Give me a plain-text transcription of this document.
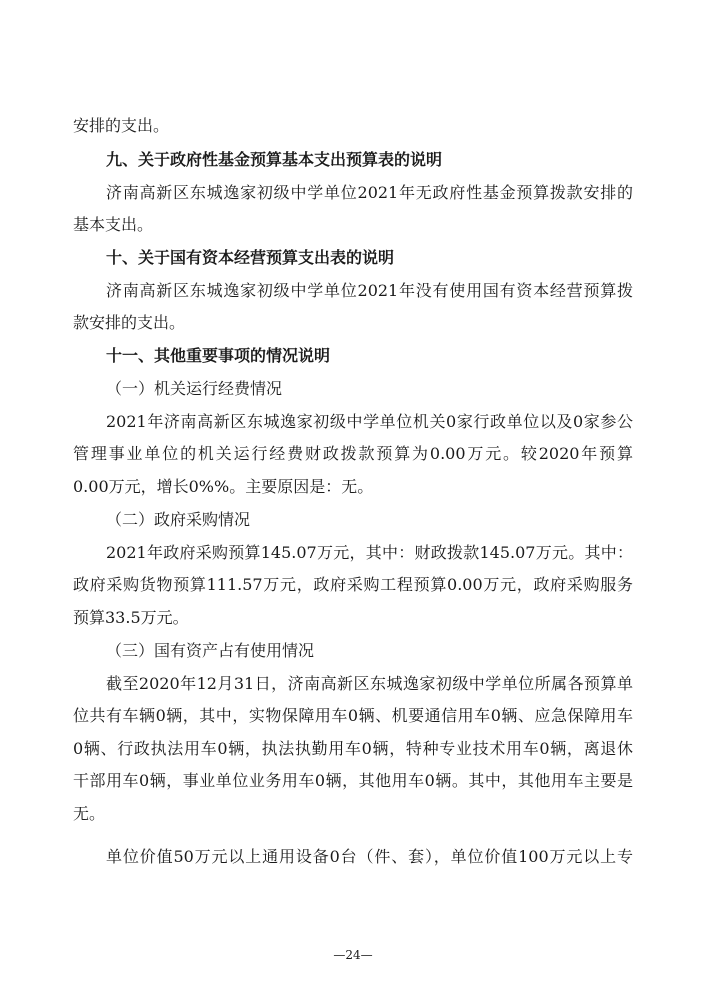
安排的支出。
九、关于政府性基金预算基本支出预算表的说明
济南高新区东城逸家初级中学单位2021年无政府性基金预算拨款安排的
基本支出。
十、关于国有资本经营预算支出表的说明
济南高新区东城逸家初级中学单位2021年没有使用国有资本经营预算拨
款安排的支出。
十一、其他重要事项的情况说明
（一）机关运行经费情况
2021年济南高新区东城逸家初级中学单位机关0家行政单位以及0家参公
管理事业单位的机关运行经费财政拨款预算为0.00万元。较2020年预算
0.00万元，增长0%%。主要原因是：无。
（二）政府采购情况
2021年政府采购预算145.07万元，其中：财政拨款145.07万元。其中：
政府采购货物预算111.57万元，政府采购工程预算0.00万元，政府采购服务
预算33.5万元。
（三）国有资产占有使用情况
截至2020年12月31日，济南高新区东城逸家初级中学单位所属各预算单
位共有车辆0辆，其中，实物保障用车0辆、机要通信用车0辆、应急保障用车
0辆、行政执法用车0辆，执法执勤用车0辆，特种专业技术用车0辆，离退休
干部用车0辆，事业单位业务用车0辆，其他用车0辆。其中，其他用车主要是
无。
单位价值50万元以上通用设备0台（件、套），单位价值100万元以上专
—24—
